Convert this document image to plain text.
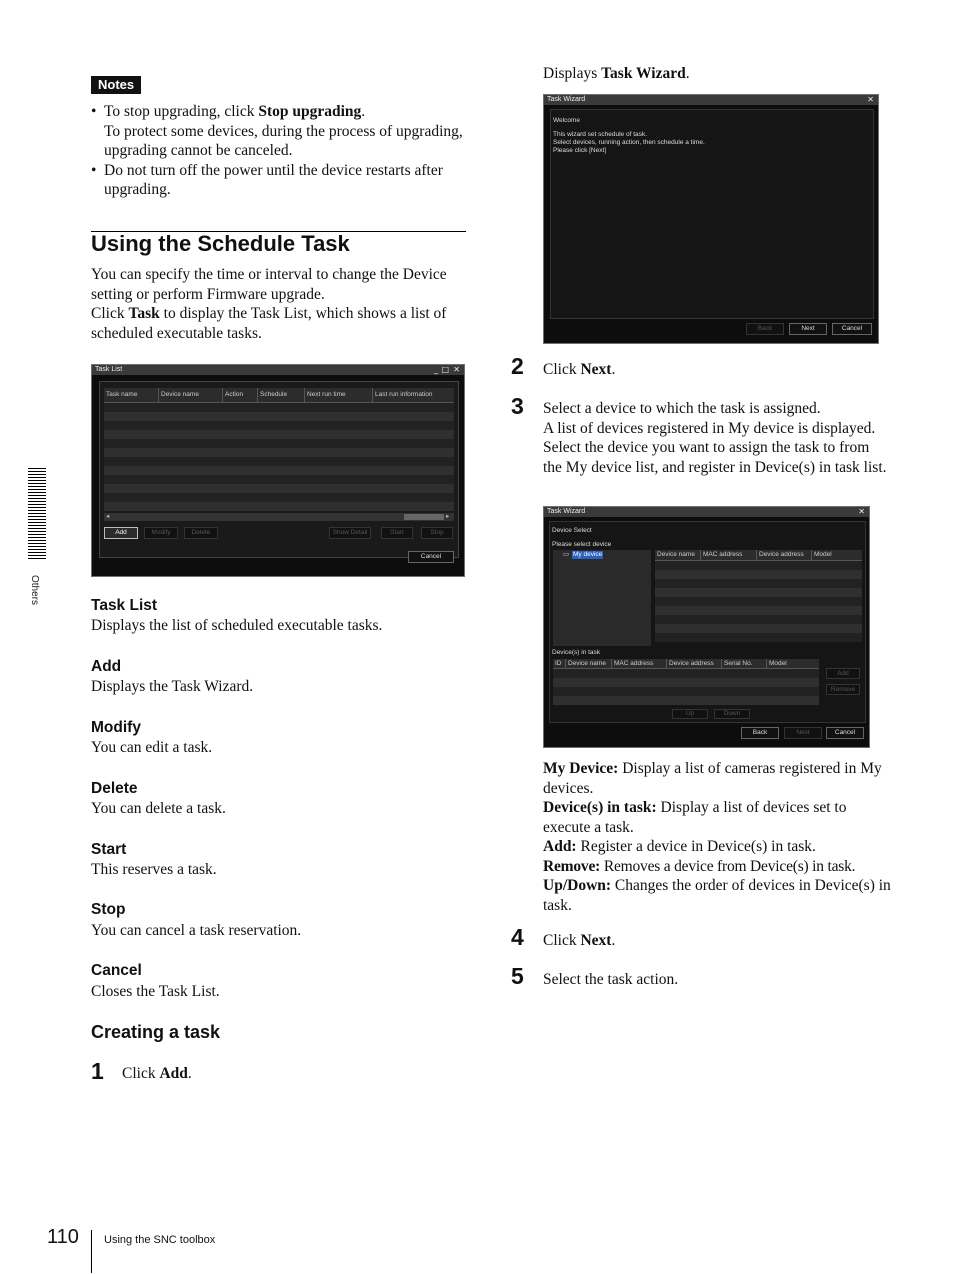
Notes
• To stop upgrading, click Stop upgrading.
To protect some devices, during the process of upgrading, upgrading cannot be canceled.
• Do not turn off the power until the device restarts after upgrading.
Using the Schedule Task
You can specify the time or interval to change the Device setting or perform Firmware upgrade.
Click Task to display the Task List, which shows a list of scheduled executable tasks.
Task List	_ □ ✕
Task name	Device name	Action	Schedule	Next run time	Last run information
◂	▸
Add	Modify	Delete	Show Detail	Start	Stop
Cancel
Task List
Displays the list of scheduled executable tasks.
Add
Displays the Task Wizard.
Modify
You can edit a task.
Delete
You can delete a task.
Start
This reserves a task.
Stop
You can cancel a task reservation.
Cancel
Closes the Task List.
Creating a task
1 Click Add.
Displays Task Wizard.
Task Wizard	✕
Welcome
This wizard set schedule of task.
Select devices, running action, then schedule a time.
Please click [Next]
Back	Next	Cancel
2 Click Next.
3 Select a device to which the task is assigned.
A list of devices registered in My device is displayed. Select the device you want to assign the task to from the My device list, and register in Device(s) in task list.
Task Wizard	✕
Device Select
Please select device
▭ My device	Device name	MAC address	Device address	Model
Device(s) in task
ID	Device name	MAC address	Device address	Serial No.	Model
Add
Remove
Up	Down
Back	Next	Cancel
My Device: Display a list of cameras registered in My devices.
Device(s) in task: Display a list of devices set to execute a task.
Add: Register a device in Device(s) in task.
Remove: Removes a device from Device(s) in task.
Up/Down: Changes the order of devices in Device(s) in task.
4 Click Next.
5 Select the task action.
Others
110 Using the SNC toolbox
